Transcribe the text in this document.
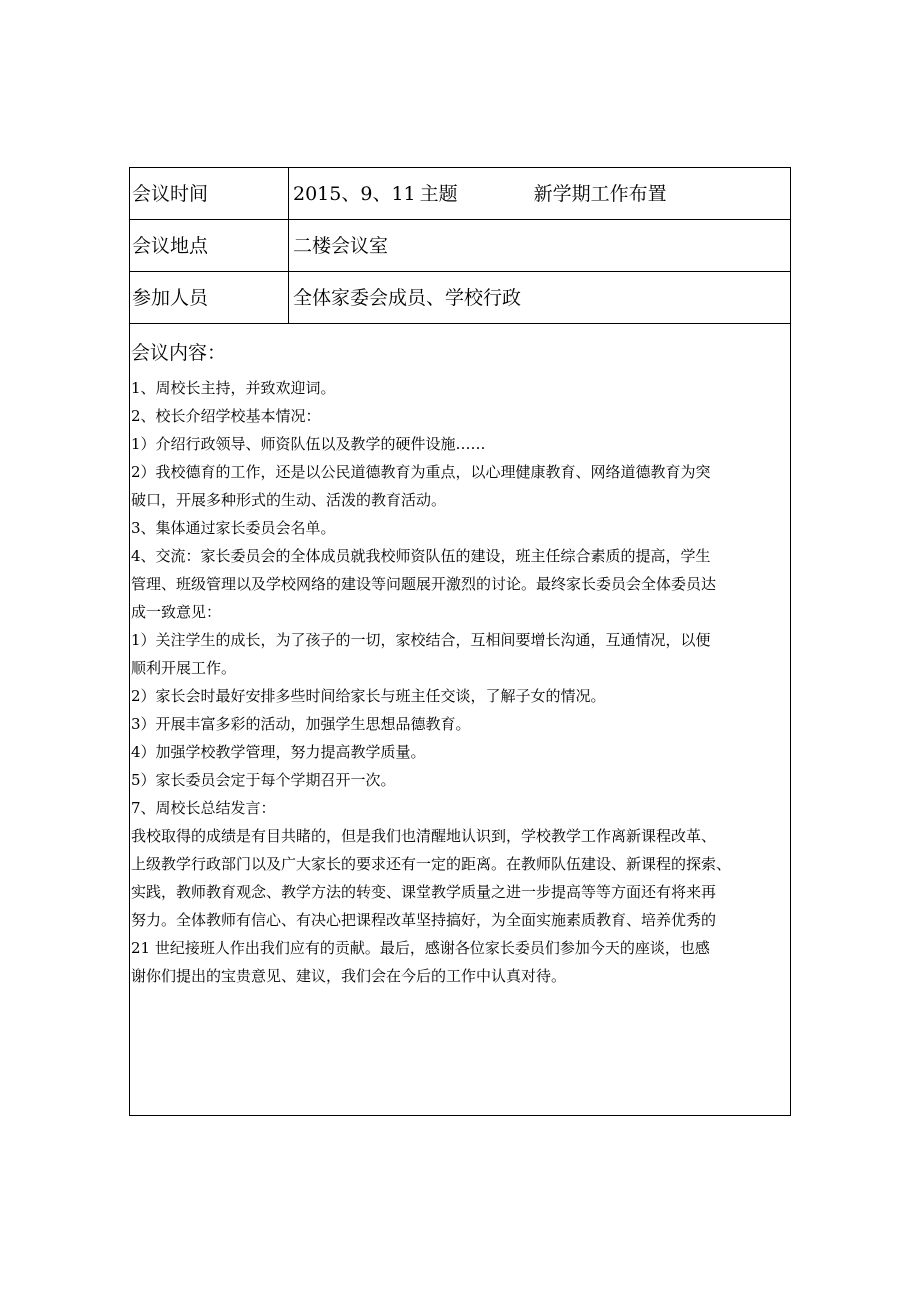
会议时间	2015、9、11 主题	新学期工作布置
会议地点	二楼会议室
参加人员	全体家委会成员、学校行政
会议内容：
1、周校长主持，并致欢迎词。
2、校长介绍学校基本情况：
1）介绍行政领导、师资队伍以及教学的硬件设施……
2）我校德育的工作，还是以公民道德教育为重点，以心理健康教育、网络道德教育为突
破口，开展多种形式的生动、活泼的教育活动。
3、集体通过家长委员会名单。
4、交流：家长委员会的全体成员就我校师资队伍的建设，班主任综合素质的提高，学生
管理、班级管理以及学校网络的建设等问题展开激烈的讨论。最终家长委员会全体委员达
成一致意见：
1）关注学生的成长，为了孩子的一切，家校结合，互相间要增长沟通，互通情况，以便
顺利开展工作。
2）家长会时最好安排多些时间给家长与班主任交谈，了解子女的情况。
3）开展丰富多彩的活动，加强学生思想品德教育。
4）加强学校教学管理，努力提高教学质量。
5）家长委员会定于每个学期召开一次。
7、周校长总结发言：
我校取得的成绩是有目共睹的，但是我们也清醒地认识到，学校教学工作离新课程改革、
上级教学行政部门以及广大家长的要求还有一定的距离。在教师队伍建设、新课程的探索、
实践，教师教育观念、教学方法的转变、课堂教学质量之进一步提高等等方面还有将来再
努力。全体教师有信心、有决心把课程改革坚持搞好，为全面实施素质教育、培养优秀的
21 世纪接班人作出我们应有的贡献。最后，感谢各位家长委员们参加今天的座谈，也感
谢你们提出的宝贵意见、建议，我们会在今后的工作中认真对待。
